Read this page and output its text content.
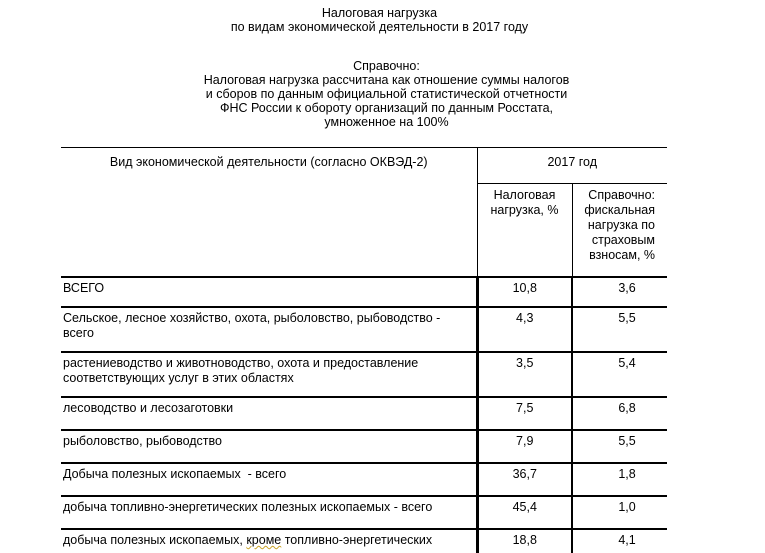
Налоговая нагрузка
по видам экономической деятельности в 2017 году
Справочно:
Налоговая нагрузка рассчитана как отношение суммы налогов
и сборов по данным официальной статистической отчетности
ФНС России к обороту организаций по данным Росстата,
умноженное на 100%
Вид экономической деятельности (согласно ОКВЭД-2)	2017 год	
	Налоговая
нагрузка, %	Справочно:
фискальная
нагрузка по
страховым
взносам, %

ВСЕГО	10,8	3,6
Сельское, лесное хозяйство, охота, рыболовство, рыбоводство -
всего	4,3	5,5
растениеводство и животноводство, охота и предоставление
соответствующих услуг в этих областях	3,5	5,4
лесоводство и лесозаготовки	7,5	6,8
рыболовство, рыбоводство	7,9	5,5
Добыча полезных ископаемых  - всего	36,7	1,8
добыча топливно-энергетических полезных ископаемых - всего	45,4	1,0
добыча полезных ископаемых, кроме топливно-энергетических	18,8	4,1
